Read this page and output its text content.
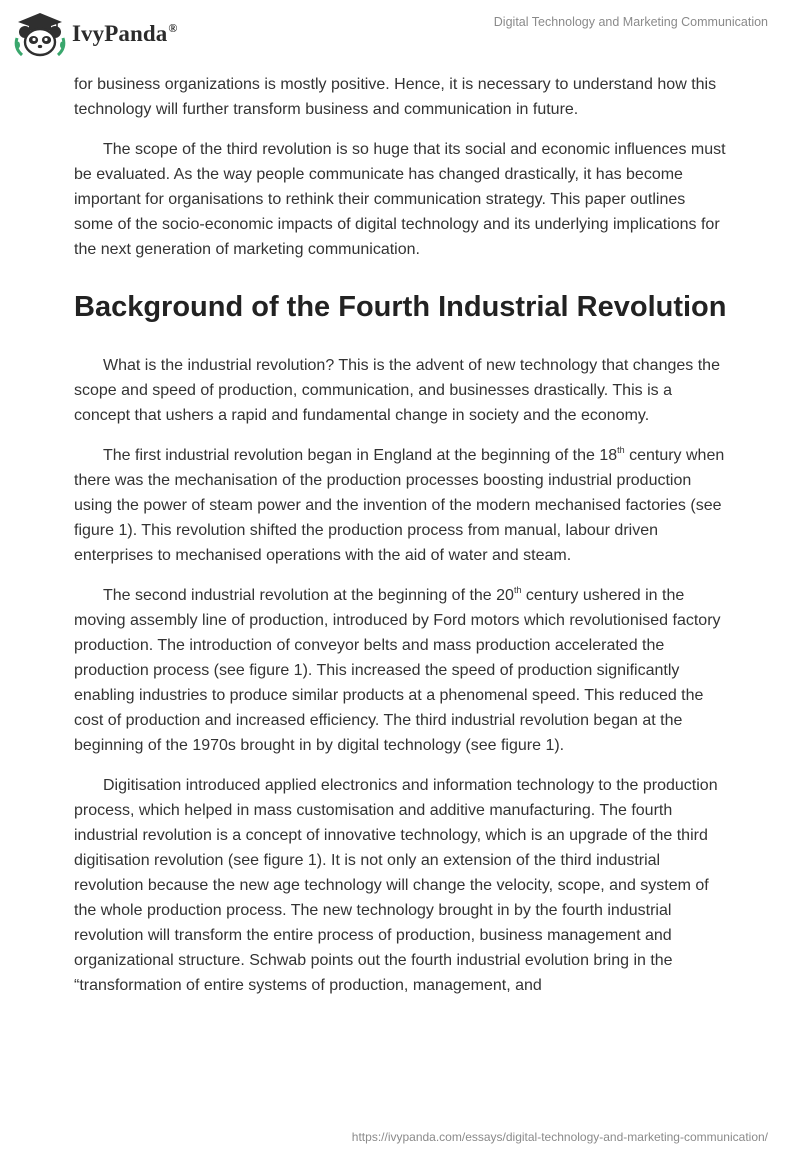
IvyPanda®	Digital Technology and Marketing Communication

for business organizations is mostly positive. Hence, it is necessary to understand how this technology will further transform business and communication in future.

The scope of the third revolution is so huge that its social and economic influences must be evaluated. As the way people communicate has changed drastically, it has become important for organisations to rethink their communication strategy. This paper outlines some of the socio-economic impacts of digital technology and its underlying implications for the next generation of marketing communication.

Background of the Fourth Industrial Revolution

What is the industrial revolution? This is the advent of new technology that changes the scope and speed of production, communication, and businesses drastically. This is a concept that ushers a rapid and fundamental change in society and the economy.

The first industrial revolution began in England at the beginning of the 18th century when there was the mechanisation of the production processes boosting industrial production using the power of steam power and the invention of the modern mechanised factories (see figure 1). This revolution shifted the production process from manual, labour driven enterprises to mechanised operations with the aid of water and steam.

The second industrial revolution at the beginning of the 20th century ushered in the moving assembly line of production, introduced by Ford motors which revolutionised factory production. The introduction of conveyor belts and mass production accelerated the production process (see figure 1). This increased the speed of production significantly enabling industries to produce similar products at a phenomenal speed. This reduced the cost of production and increased efficiency. The third industrial revolution began at the beginning of the 1970s brought in by digital technology (see figure 1).

Digitisation introduced applied electronics and information technology to the production process, which helped in mass customisation and additive manufacturing. The fourth industrial revolution is a concept of innovative technology, which is an upgrade of the third digitisation revolution (see figure 1). It is not only an extension of the third industrial revolution because the new age technology will change the velocity, scope, and system of the whole production process. The new technology brought in by the fourth industrial revolution will transform the entire process of production, business management and organizational structure. Schwab points out the fourth industrial evolution bring in the “transformation of entire systems of production, management, and

https://ivypanda.com/essays/digital-technology-and-marketing-communication/
